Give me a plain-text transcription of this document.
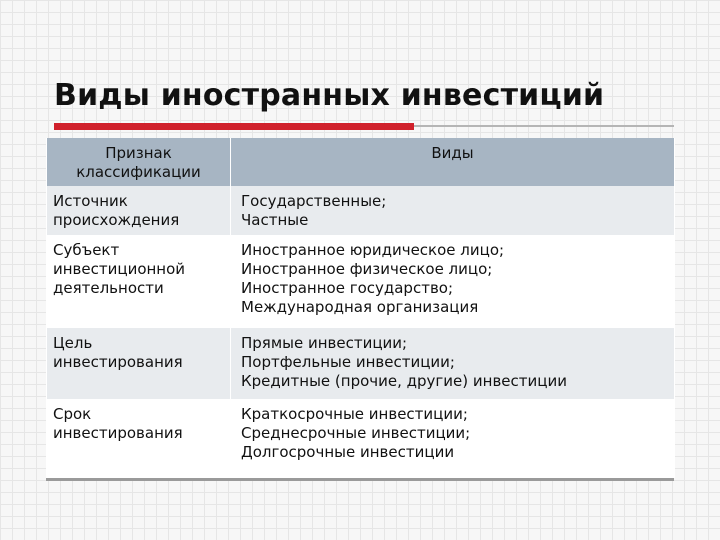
Виды иностранных инвестиций
Признак классификации	Виды

Источник
происхождения	Государственные;
Частные

Субъект
инвестиционной
деятельности	Иностранное юридическое лицо;
Иностранное физическое лицо;
Иностранное государство;
Международная организация

Цель
инвестирования	Прямые инвестиции;
Портфельные инвестиции;
Кредитные (прочие, другие) инвестиции

Срок
инвестирования	Краткосрочные инвестиции;
Среднесрочные инвестиции;
Долгосрочные инвестиции
